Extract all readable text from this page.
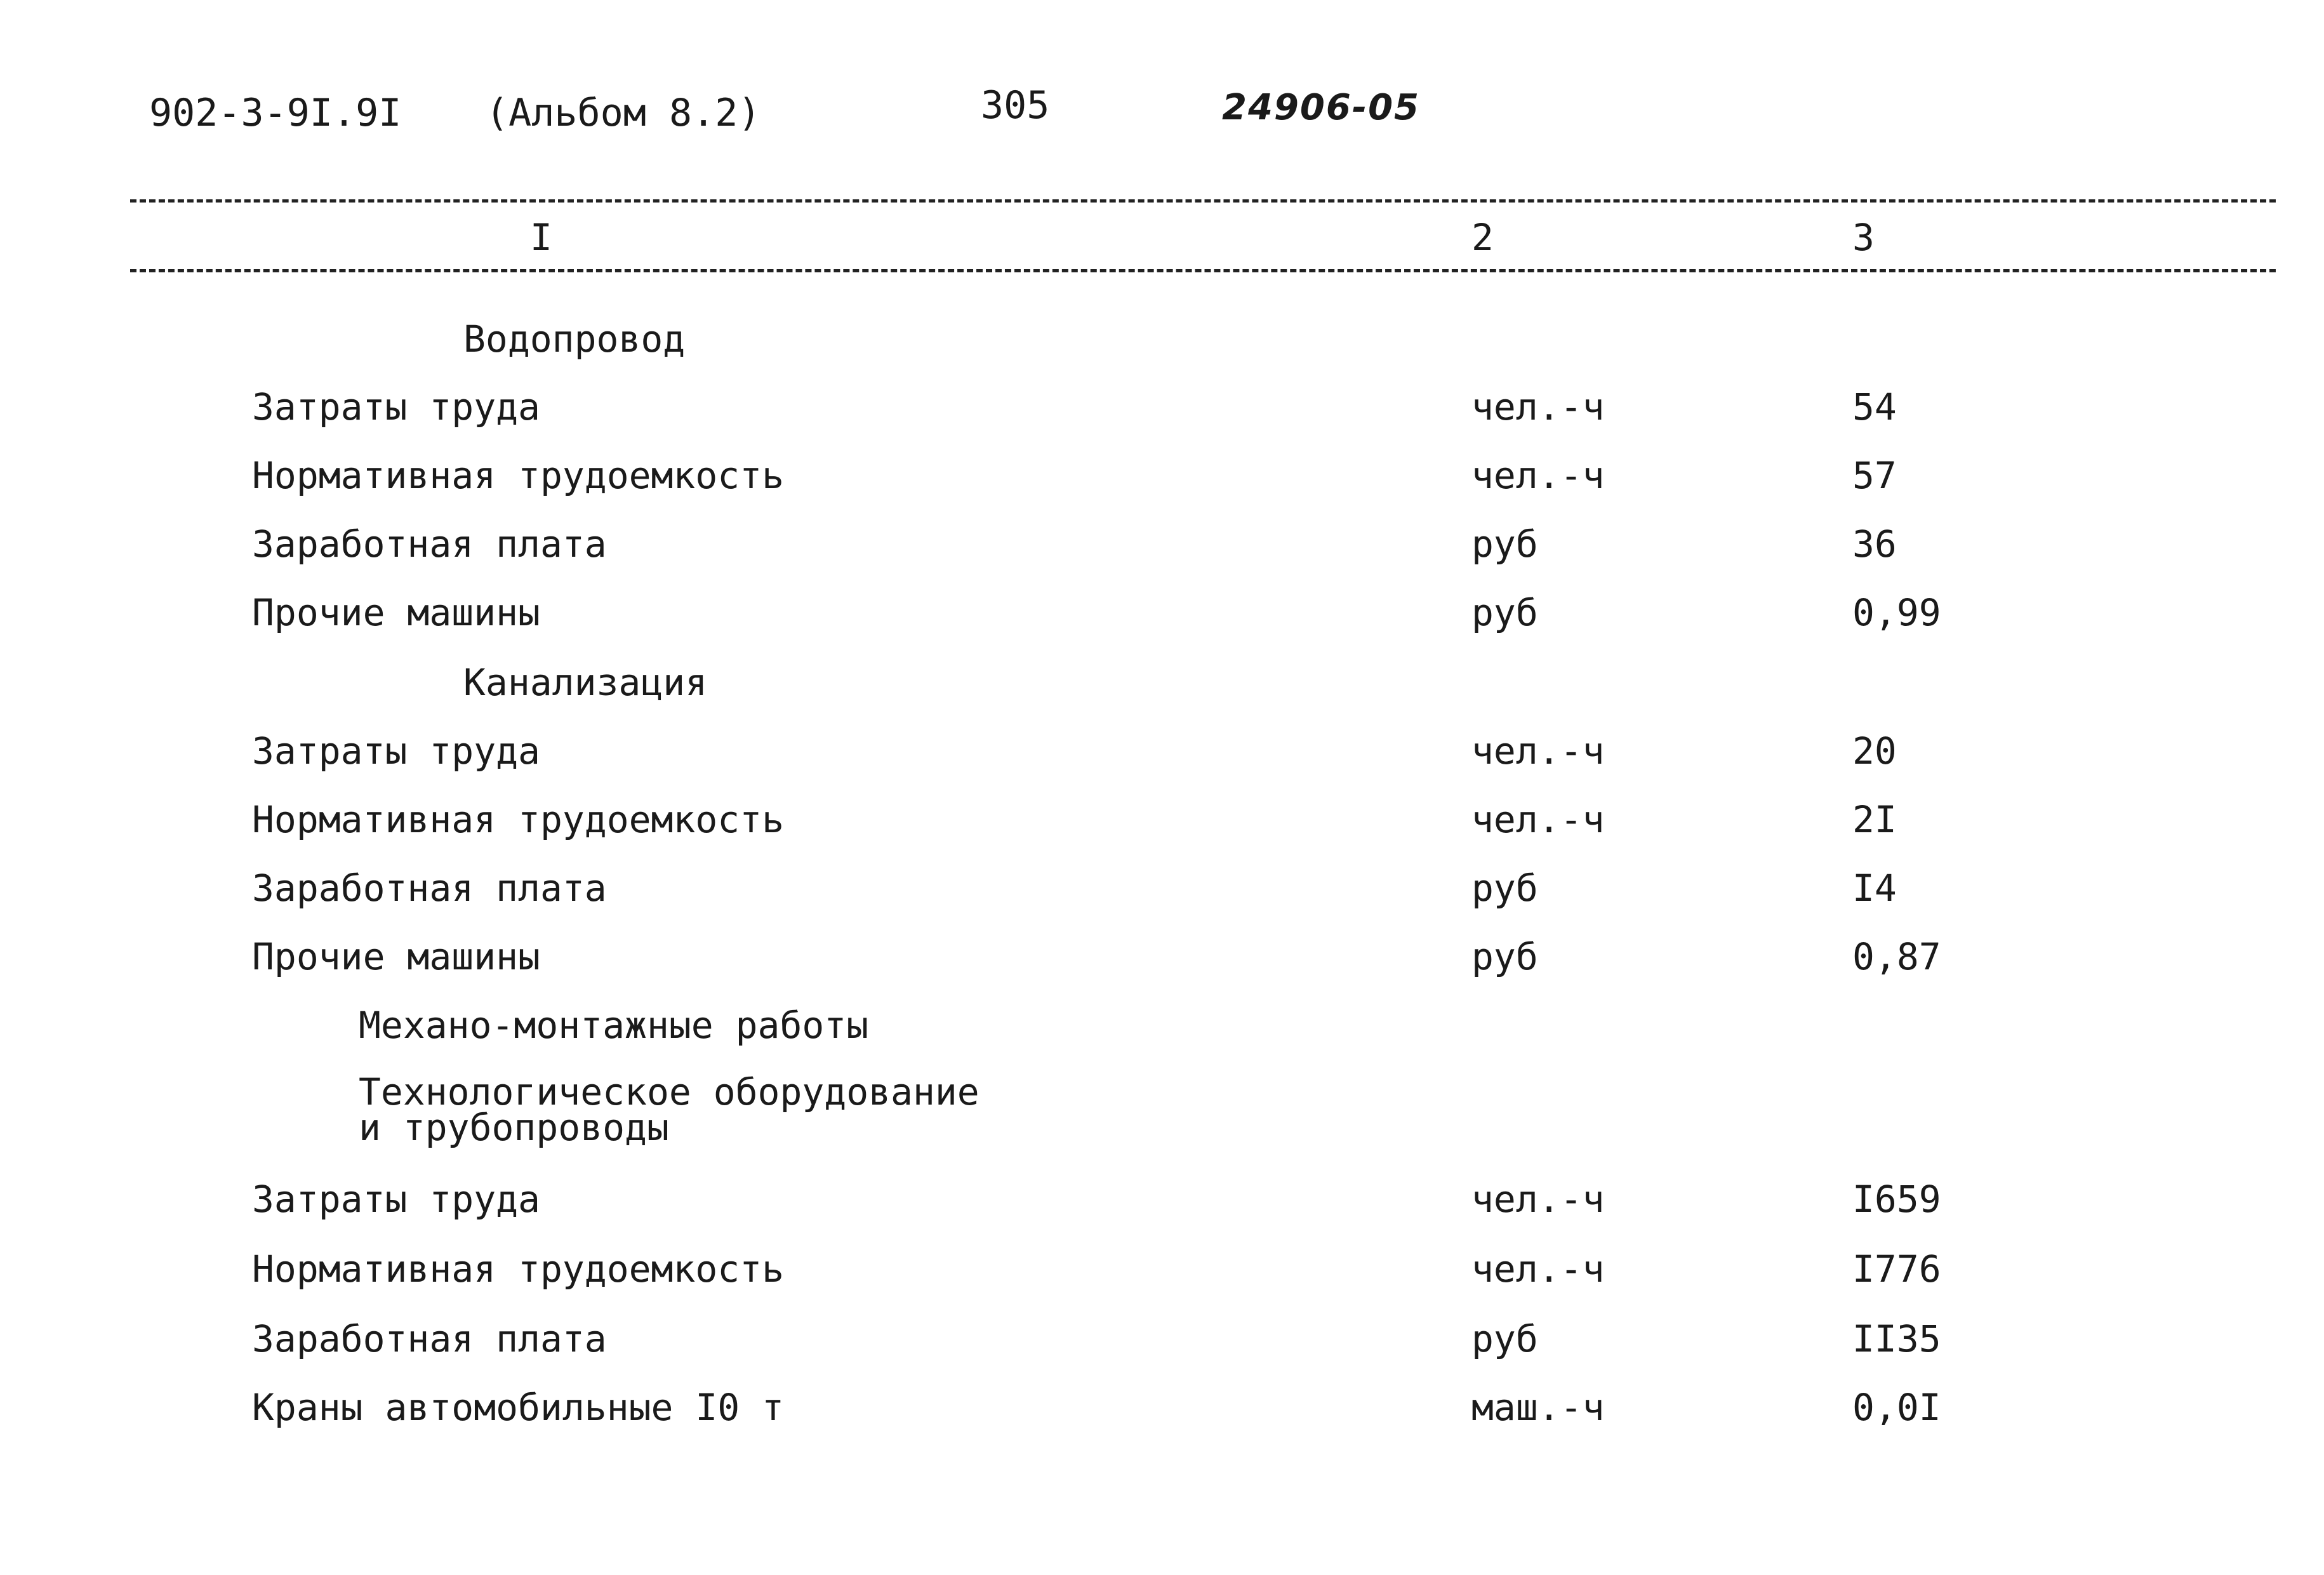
902-3-9I.9I (Альбом 8.2)	305	24906-05
I	2	3
Водопровод
Затраты труда	чел.-ч	54
Нормативная трудоемкость	чел.-ч	57
Заработная плата	руб	36
Прочие машины	руб	0,99
Канализация
Затраты труда	чел.-ч	20
Нормативная трудоемкость	чел.-ч	2I
Заработная плата	руб	I4
Прочие машины	руб	0,87
Механо-монтажные работы
Технологическое оборудование
и трубопроводы
Затраты труда	чел.-ч	I659
Нормативная трудоемкость	чел.-ч	I776
Заработная плата	руб	II35
Краны автомобильные I0 т	маш.-ч	0,0I
